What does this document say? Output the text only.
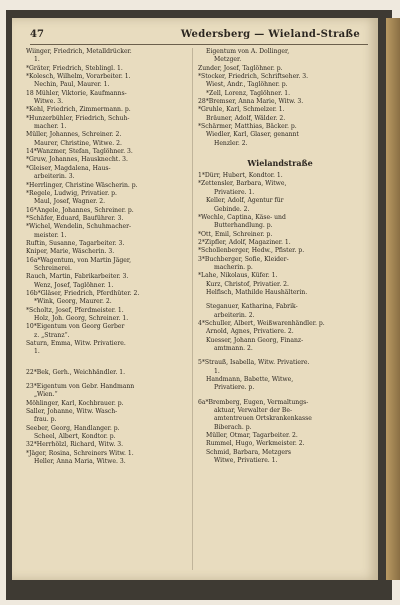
47	Wedersberg — Wieland-Straße
Wiinger, Friedrich, Metalldrücker.
1.
*Gräter, Friedrich, Steblingl. 1.
*Kolesch, Wilhelm, Vorarbeiter. 1.
Nechin, Paul, Maurer. 1.
18 Mühler, Viktorie, Kaufmanns-
Witwe. 3.
*Kehl, Friedrich, Zimmermann. p.
*Hunzerbühler, Friedrich, Schuh-
macher. 1.
Müller, Johannes, Schreiner. 2.
Maurer, Christine, Witwe. 2.
14*Wanzmer, Stefan, Taglöhner. 3.
*Gruw, Johannes, Hausknecht. 3.
*Gleiser, Magdalena, Haus-
arbeiterin. 3.
*Herrlinger, Christine Wäscherin. p.
*Regele, Ludwig, Privatier. p.
Maul, Josef, Wagner. 2.
16*Angele, Johannes, Schreiner. p.
*Schäfer, Eduard, Bauführer. 3.
*Wichel, Wendelin, Schuhmacher-
meister. 1.
Ruftin, Susanne, Tagarbeiter. 3.
Kniper, Marie, Wäscherin. 3.
16a*Wagentum, von Martin Jäger,
Schreinerei.
Rauch, Martin, Fabrikarbeiter. 3.
Wenz, Josef, Taglöhner. 1.
16b*Gläser, Friedrich, Pferdhüter. 2.
*Wink, Georg, Maurer. 2.
*Scholtz, Josef, Pferdmeister. 1.
Holz, Joh. Georg, Schreiner. 1.
10*Eigentum von Georg Gerber
z. „Stranz“.
Saturn, Emma, Witw. Privatiere.
1.
22*Bek, Gerh., Weichhändler. 1.
23*Eigentum von Gebr. Handmann
„Wien.“
Möhlinger, Karl, Kochbrauer. p.
Saller, Johanne, Witw. Wasch-
frau. p.
Seeber, Georg, Handlanger. p.
Scheel, Albert, Kondtor. p.
32*Herrhölzl, Richard, Witw. 3.
*Jäger, Rosina, Schreiners Witw. 1.
Heller, Anna Maria, Witwe. 3.
Eigentum von A. Dollinger,
Metzger.
Zunder, Josef, Taglöhner. p.
*Stocker, Friedrich, Schriftseher. 3.
Wiest, Andr., Taglöhner. p.
*Zell, Lorenz, Taglöhner. 1.
28*Bremser, Anna Marie, Witw. 3.
*Gruhle, Karl, Schmelzer. 1.
Bräuner, Adolf, Wälder. 2.
*Schärmer, Matthias, Bäcker. p.
Wiedler, Karl, Glaser, genannt
Henzler. 2.
Wielandstraße
1*Dürr, Hubert, Kondtor. 1.
*Zettensler, Barbara, Witwe,
Privatiere. 1.
Keller, Adolf, Agentur für
Gebinde. 2.
*Wechle, Captina, Käse- und
Butterhandlung. p.
*Ott, Emil, Schreiner. p.
2*Zipfler, Adolf, Magaziner. 1.
*Schollenberger, Hedw., Pfister. p.
3*Buchberger, Sofie, Kleider-
macherin. p.
*Lahe, Nikolaus, Küfer. 1.
Kurz, Christof, Privatier. 2.
Helfisch, Mathilde Haushälterin.
Steganuer, Katharina, Fabrik-
arbeiterin. 2.
4*Schuller, Albert, Weißwarenhändler. p.
Arnold, Agnes, Privatiere. 2.
Kuesser, Johann Georg, Finanz-
amtmann. 2.
5*Strauß, Isabella, Witw. Privatiere.
1.
Handmann, Babette, Witwe,
Privatiere. p.
6a*Bremberg, Eugen, Vermaltungs-
aktuar, Verwalter der Be-
amtentreuen Ortskrankenkasse
Biberach. p.
Müller, Otmar, Tagarbeiter. 2.
Rummel, Hugo, Werkmeister. 2.
Schmid, Barbara, Metzgers
Witwe, Privatiere. 1.
